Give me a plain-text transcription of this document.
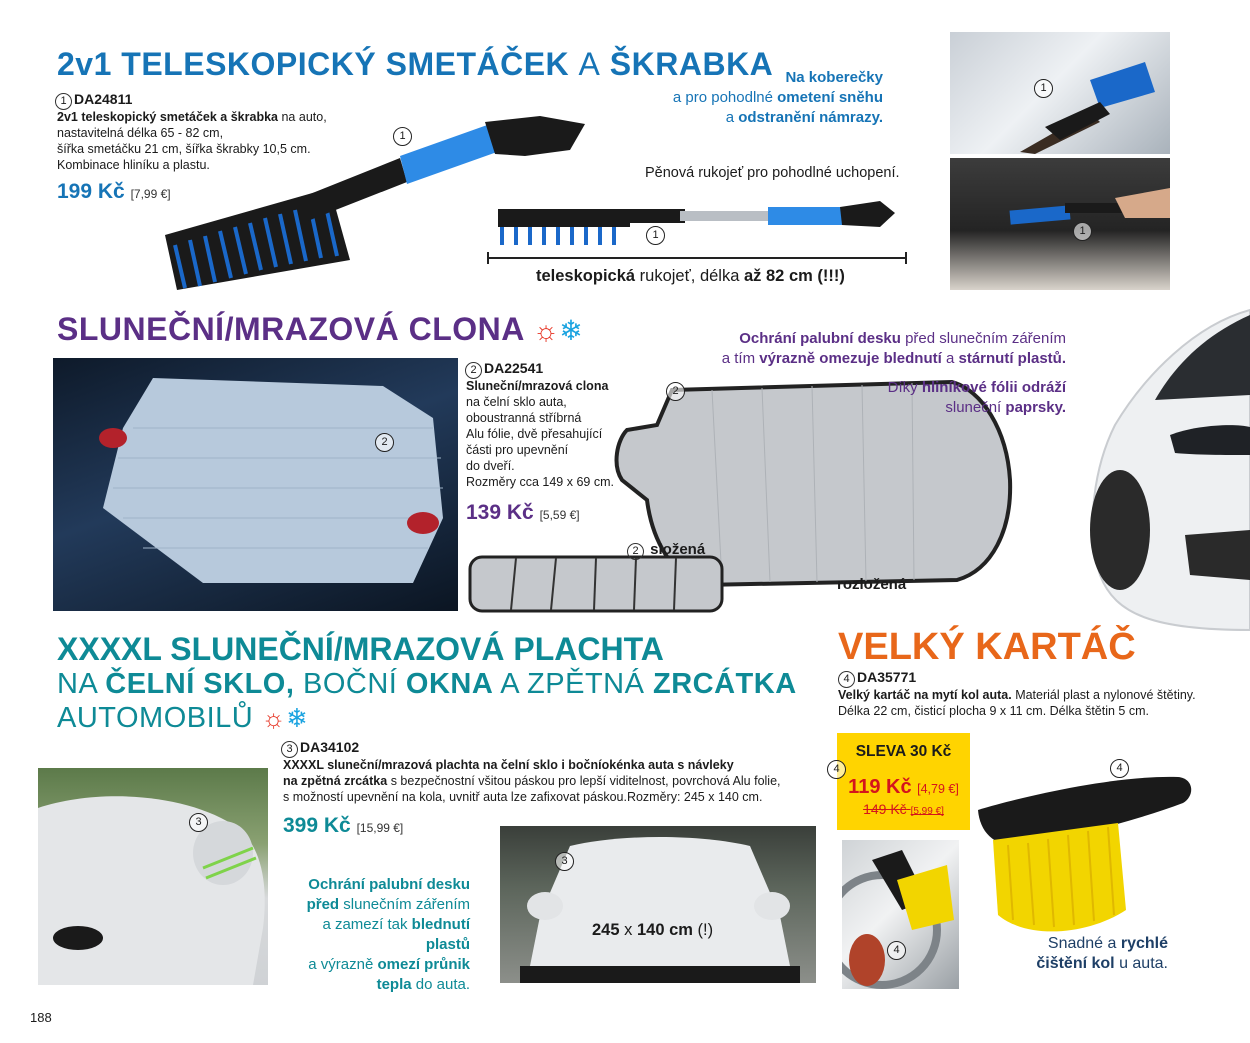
2v1 TELESKOPICKÝ SMETÁČEK A ŠKRABKA
1 DA24811
2v1 teleskopický smetáček a škrabka na auto,
nastavitelná délka 65 - 82 cm,
šířka smetáčku 21 cm, šířka škrabky 10,5 cm.
Kombinace hliníku a plastu.
199 Kč [7,99 €]
1
1
Na koberečky
a pro pohodlné ometení sněhu
a odstranění námrazy.
Pěnová rukojeť pro pohodlné uchopení.
teleskopická rukojeť, délka až 82 cm (!!!)
1
1
SLUNEČNÍ/MRAZOVÁ CLONA ☼❄
2
2 DA22541
Sluneční/mrazová clona
na čelní sklo auta,
oboustranná stříbrná
Alu fólie, dvě přesahující
části pro upevnění
do dveří.
Rozměry cca 149 x 69 cm.
139 Kč [5,59 €]
2
rozložená
2 složená
Ochrání palubní desku před slunečním zářením
a tím výrazně omezuje blednutí a stárnutí plastů.
Díky hliníkové fólii odráží
sluneční paprsky.
XXXXL SLUNEČNÍ/MRAZOVÁ PLACHTA
NA ČELNÍ SKLO, BOČNÍ OKNA A ZPĚTNÁ ZRCÁTKA
AUTOMOBILŮ ☼❄
3 DA34102
XXXXL sluneční/mrazová plachta na čelní sklo i bočníokénka auta s návleky
na zpětná zrcátka s bezpečnostní všitou páskou pro lepší viditelnost, povrchová Alu folie,
s možností upevnění na kola, uvnitř auta lze zafixovat páskou.Rozměry: 245 x 140 cm.
399 Kč [15,99 €]
3
Ochrání palubní desku
před slunečním zářením
a zamezí tak blednutí plastů
a výrazně omezí průnik
tepla do auta.
3
245 x 140 cm (!)
VELKÝ KARTÁČ
4 DA35771
Velký kartáč na mytí kol auta. Materiál plast a nylonové štětiny.
Délka 22 cm, čisticí plocha 9 x 11 cm. Délka štětin 5 cm.
SLEVA 30 Kč
119 Kč [4,79 €]
149 Kč [5,99 €]
4	4
4	Snadné a rychlé
čištění kol u auta.
188
